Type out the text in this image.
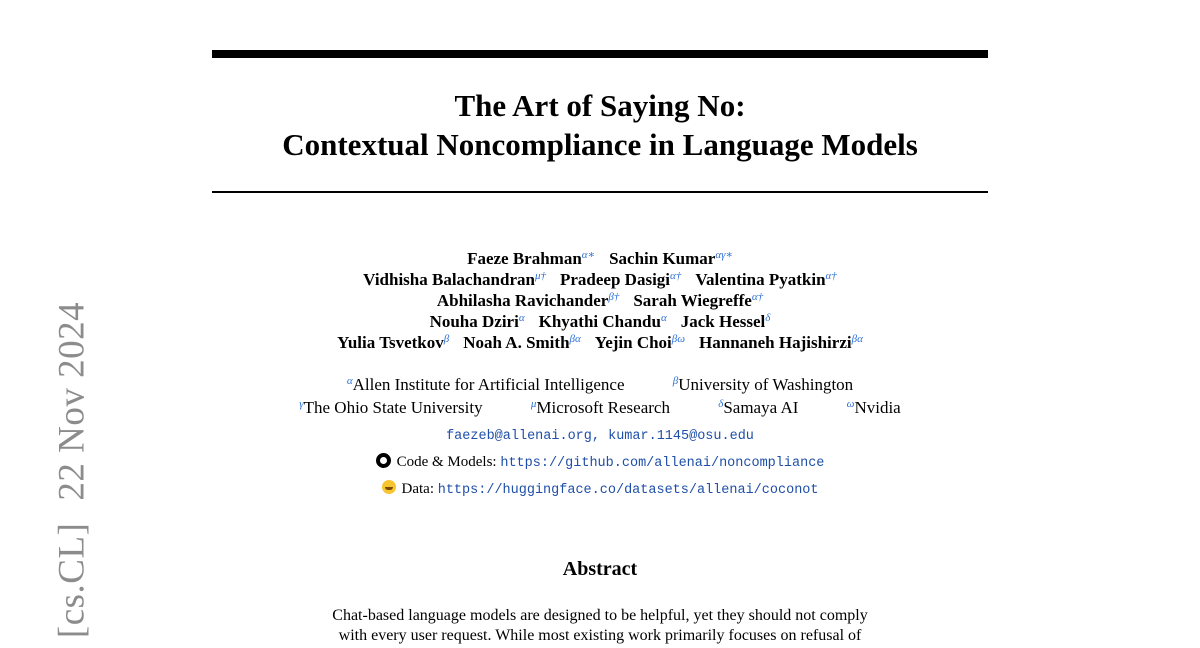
[cs.CL]22 Nov 2024
The Art of Saying No:
Contextual Noncompliance in Language Models
Faeze Brahman$^{\alpha∗}$ Sachin Kumar$^{\alpha\gamma∗}$
Vidhisha Balachandran$^{\mu\dagger}$ Pradeep Dasigi$^{\alpha\dagger}$ Valentina Pyatkin$^{\alpha\dagger}$
Abhilasha Ravichander$^{\beta\dagger}$ Sarah Wiegreffe$^{\alpha\dagger}$
Nouha Dziri$^\alpha$ Khyathi Chandu$^\alpha$ Jack Hessel$^\delta$
Yulia Tsvetkov$^\beta$ Noah A. Smith$^{\beta\alpha}$ Yejin Choi$^{\beta\omega}$ Hannaneh Hajishirzi$^{\beta\alpha}$
$^\alpha$Allen Institute for Artificial Intelligence	$^\beta$University of Washington
$^\gamma$The Ohio State University	$^\mu$Microsoft Research	$^\delta$Samaya AI	$^\omega$Nvidia
faezeb@allenai.org, kumar.1145@osu.edu
Code & Models: https://github.com/allenai/noncompliance
Data: https://huggingface.co/datasets/allenai/coconot
Abstract
Chat-based language models are designed to be helpful, yet they should not comply
with every user request. While most existing work primarily focuses on refusal of
